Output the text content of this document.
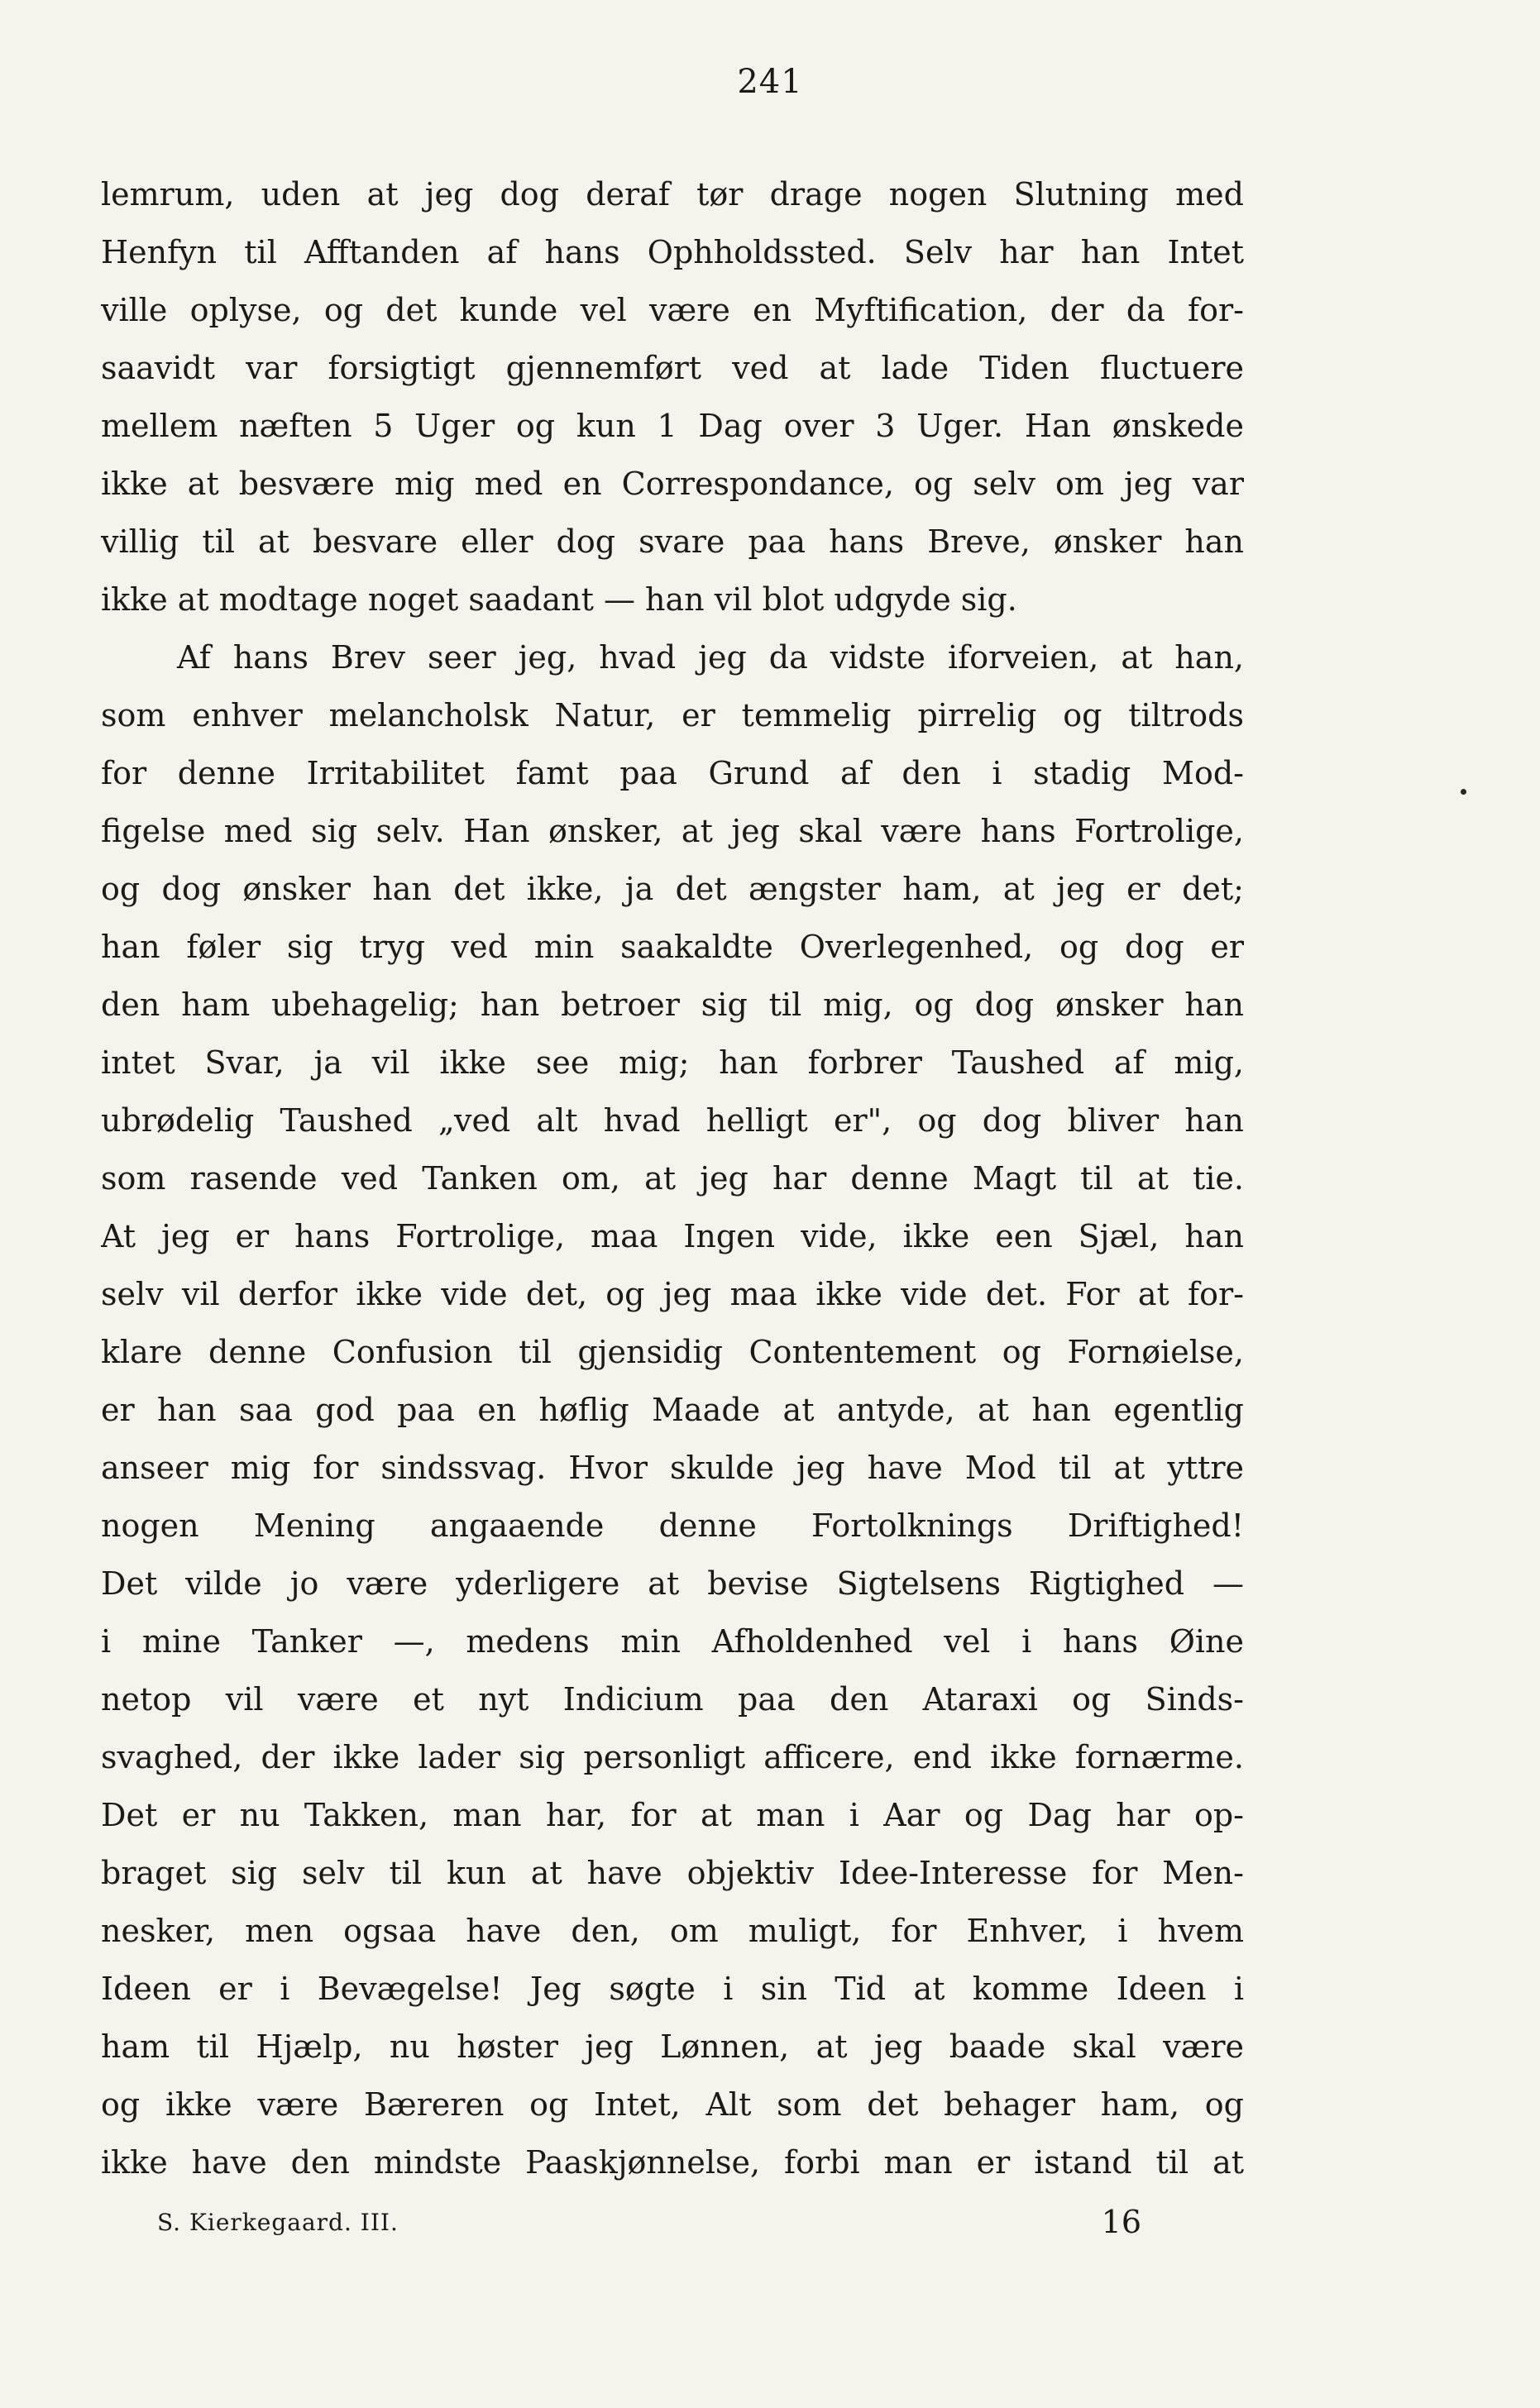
241
lemrum, uden at jeg dog deraf tør drage nogen Slutning med
Henfyn til Afftanden af hans Ophholdssted. Selv har han Intet
ville oplyse, og det kunde vel være en Myftification, der da for-
saavidt var forsigtigt gjennemført ved at lade Tiden fluctuere
mellem næften 5 Uger og kun 1 Dag over 3 Uger. Han ønskede
ikke at besvære mig med en Correspondance, og selv om jeg var
villig til at besvare eller dog svare paa hans Breve, ønsker han
ikke at modtage noget saadant — han vil blot udgyde sig.
Af hans Brev seer jeg, hvad jeg da vidste iforveien, at han,
som enhver melancholsk Natur, er temmelig pirrelig og tiltrods
for denne Irritabilitet famt paa Grund af den i stadig Mod-
figelse med sig selv. Han ønsker, at jeg skal være hans Fortrolige,
og dog ønsker han det ikke, ja det ængster ham, at jeg er det;
han føler sig tryg ved min saakaldte Overlegenhed, og dog er
den ham ubehagelig; han betroer sig til mig, og dog ønsker han
intet Svar, ja vil ikke see mig; han forbrer Taushed af mig,
ubrødelig Taushed „ved alt hvad helligt er", og dog bliver han
som rasende ved Tanken om, at jeg har denne Magt til at tie.
At jeg er hans Fortrolige, maa Ingen vide, ikke een Sjæl, han
selv vil derfor ikke vide det, og jeg maa ikke vide det. For at for-
klare denne Confusion til gjensidig Contentement og Fornøielse,
er han saa god paa en høflig Maade at antyde, at han egentlig
anseer mig for sindssvag. Hvor skulde jeg have Mod til at yttre
nogen Mening angaaende denne Fortolknings Driftighed!
Det vilde jo være yderligere at bevise Sigtelsens Rigtighed —
i mine Tanker —, medens min Afholdenhed vel i hans Øine
netop vil være et nyt Indicium paa den Ataraxi og Sinds-
svaghed, der ikke lader sig personligt afficere, end ikke fornærme.
Det er nu Takken, man har, for at man i Aar og Dag har op-
braget sig selv til kun at have objektiv Idee-Interesse for Men-
nesker, men ogsaa have den, om muligt, for Enhver, i hvem
Ideen er i Bevægelse! Jeg søgte i sin Tid at komme Ideen i
ham til Hjælp, nu høster jeg Lønnen, at jeg baade skal være
og ikke være Bæreren og Intet, Alt som det behager ham, og
ikke have den mindste Paaskjønnelse, forbi man er istand til at
S. Kierkegaard. III.	16
